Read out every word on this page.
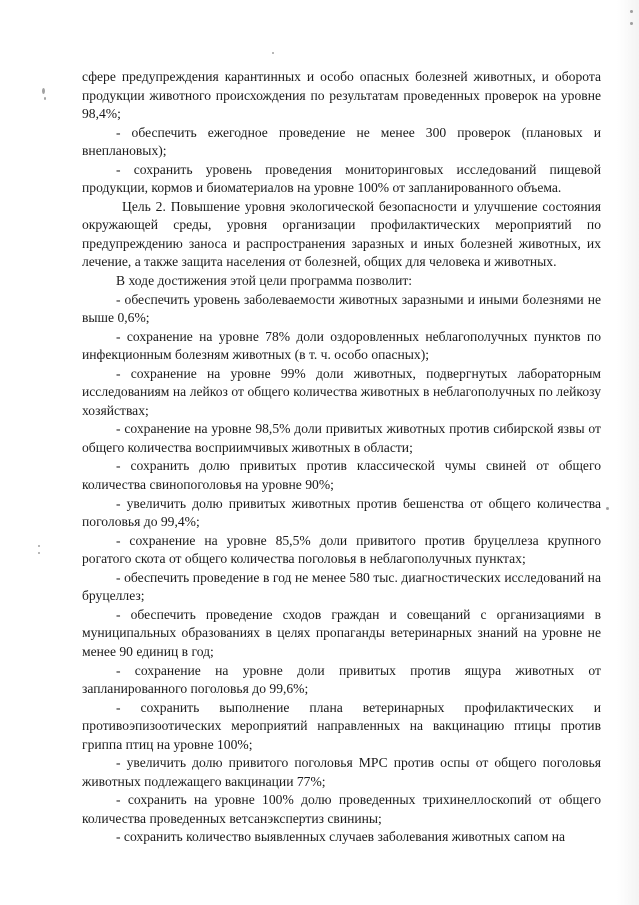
сфере предупреждения карантинных и особо опасных болезней животных, и оборота продукции животного происхождения по результатам проведенных проверок на уровне 98,4%;

- обеспечить ежегодное проведение не менее 300 проверок (плановых и внеплановых);

- сохранить уровень проведения мониторинговых исследований пищевой продукции, кормов и биоматериалов на уровне 100% от запланированного объема.

Цель 2. Повышение уровня экологической безопасности и улучшение состояния окружающей среды, уровня организации профилактических мероприятий по предупреждению заноса и распространения заразных и иных болезней животных, их лечение, а также защита населения от болезней, общих для человека и животных.

В ходе достижения этой цели программа позволит:

- обеспечить уровень заболеваемости животных заразными и иными болезнями не выше 0,6%;

- сохранение на уровне 78% доли оздоровленных неблагополучных пунктов по инфекционным болезням животных (в т. ч. особо опасных);

- сохранение на уровне 99% доли животных, подвергнутых лабораторным исследованиям на лейкоз от общего количества животных в неблагополучных по лейкозу хозяйствах;

- сохранение на уровне 98,5% доли привитых животных против сибирской язвы от общего количества восприимчивых животных в области;

- сохранить долю привитых против классической чумы свиней от общего количества свинопоголовья на уровне 90%;

- увеличить долю привитых животных против бешенства от общего количества поголовья до 99,4%;

- сохранение на уровне 85,5% доли привитого против бруцеллеза крупного рогатого скота от общего количества поголовья в неблагополучных пунктах;

- обеспечить проведение в год не менее 580 тыс. диагностических исследований на бруцеллез;

- обеспечить проведение сходов граждан и совещаний с организациями в муниципальных образованиях в целях пропаганды ветеринарных знаний на уровне не менее 90 единиц в год;

- сохранение на уровне доли привитых против ящура животных от запланированного поголовья до 99,6%;

- сохранить выполнение плана ветеринарных профилактических и противоэпизоотических мероприятий направленных на вакцинацию птицы против гриппа птиц на уровне 100%;

- увеличить долю привитого поголовья МРС против оспы от общего поголовья животных подлежащего вакцинации 77%;

- сохранить на уровне 100% долю проведенных трихинеллоскопий от общего количества проведенных ветсанэкспертиз свинины;

- сохранить количество выявленных случаев заболевания животных сапом на
